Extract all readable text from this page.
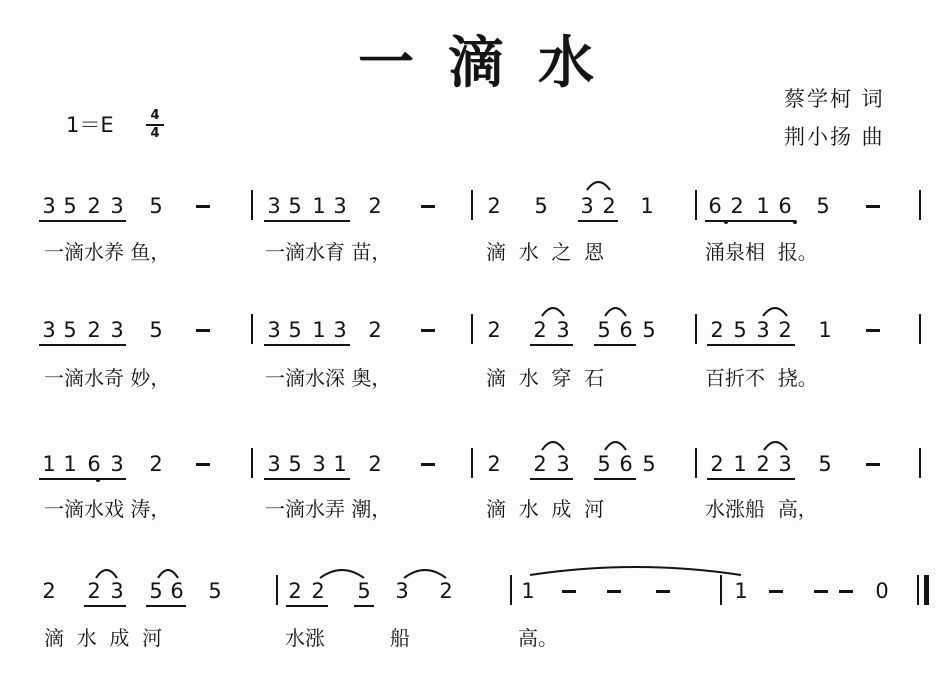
一滴水
1＝E	4
4
蔡学柯 词
荆小扬 曲
3 5 2 3 5	3 5 1 3 2	2 5 3 2 1	6 2 1 6 5
一滴水养 鱼，	一滴水育 苗，	滴  水  之  恩	涌泉相  报。
3 5 2 3 5	3 5 1 3 2	2 2 3 5 6 5	2 5 3 2 1
一滴水奇 妙，	一滴水深 奥，	滴  水  穿  石	百折不  挠。
1 1 6 3 2	3 5 3 1 2	2 2 3 5 6 5	2 1 2 3 5
一滴水戏 涛，	一滴水弄 潮，	滴  水  成  河	水涨船  高，
2 2 3 5 6 5	2 2 5 3 2	1	1	0
滴  水  成  河	水涨	船	高。
